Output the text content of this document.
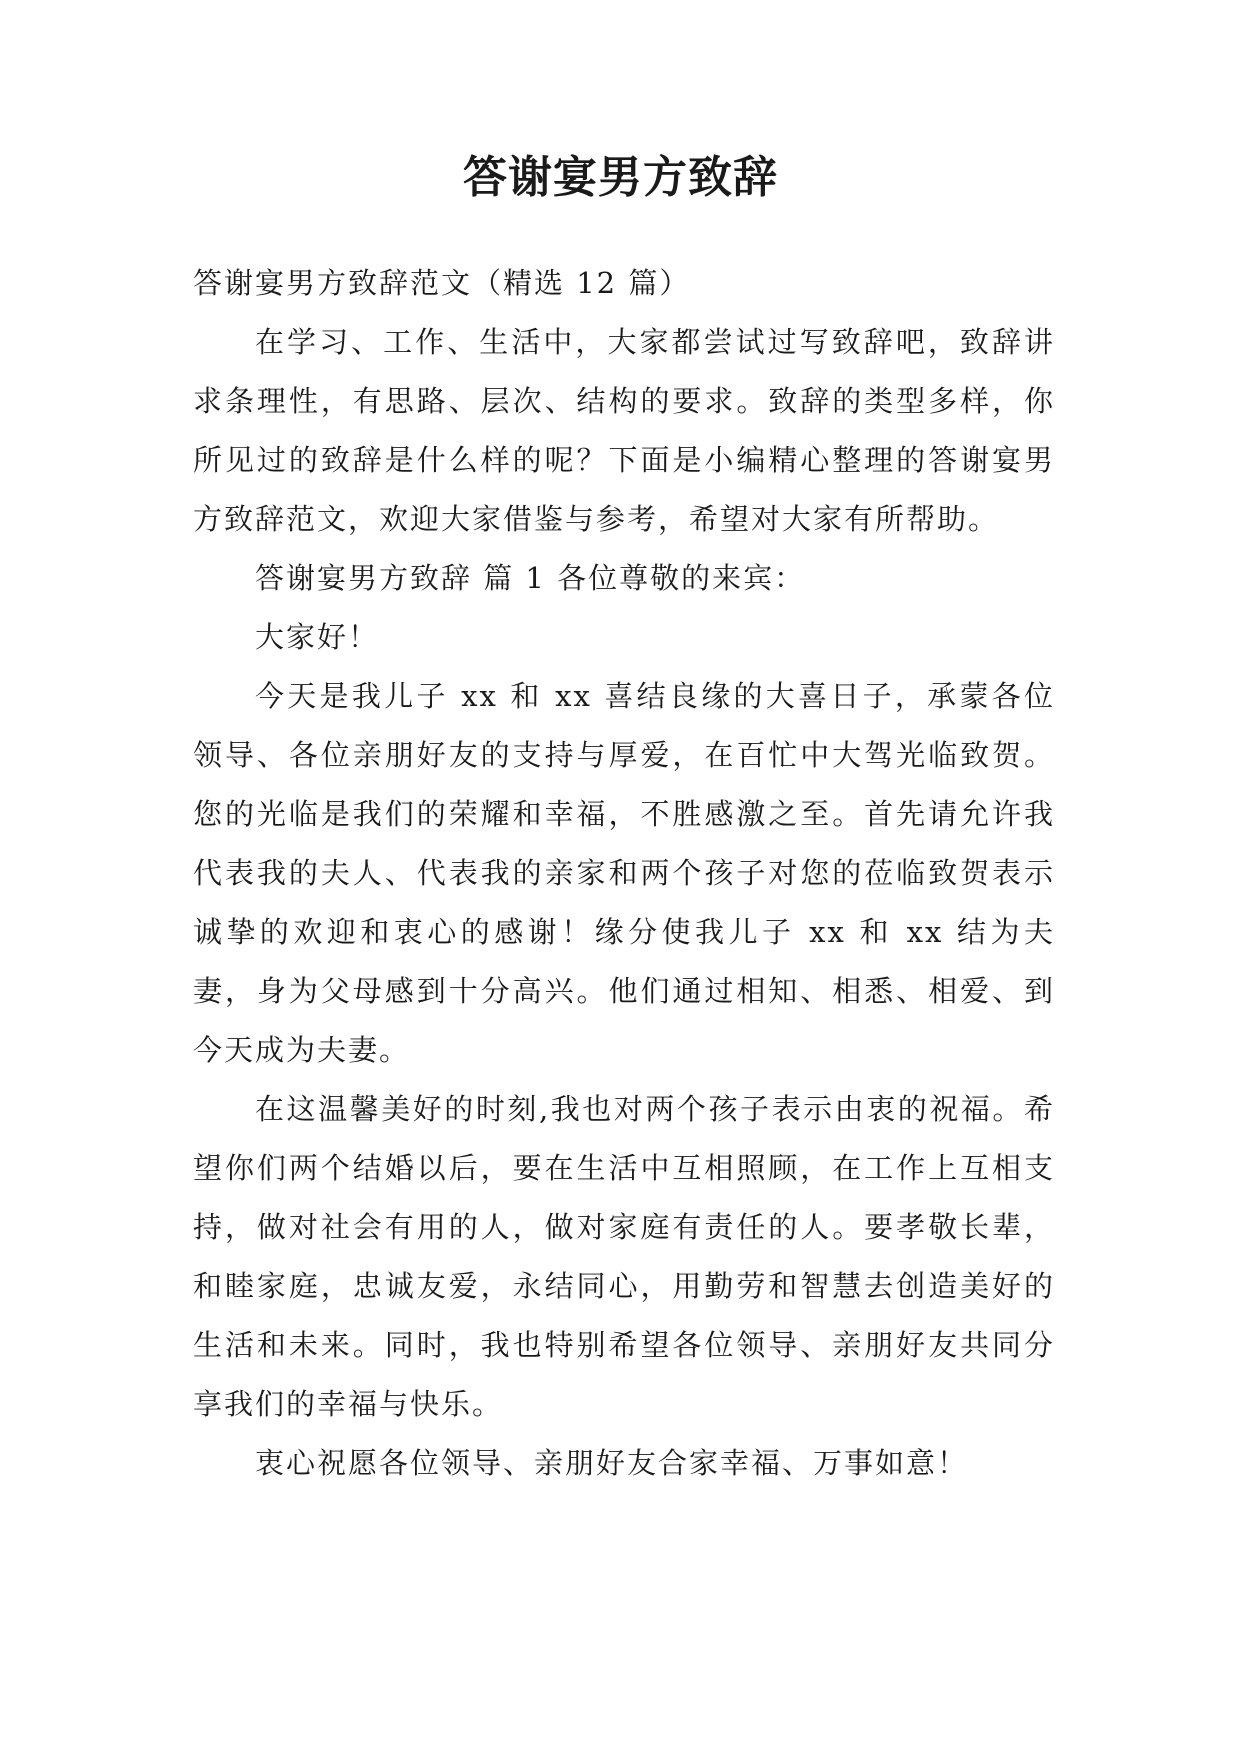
答谢宴男方致辞

答谢宴男方致辞范文（精选 12 篇）

在学习、工作、生活中，大家都尝试过写致辞吧，致辞讲求条理性，有思路、层次、结构的要求。致辞的类型多样，你所见过的致辞是什么样的呢？下面是小编精心整理的答谢宴男方致辞范文，欢迎大家借鉴与参考，希望对大家有所帮助。

答谢宴男方致辞 篇 1 各位尊敬的来宾：

大家好！

今天是我儿子 xx 和 xx 喜结良缘的大喜日子，承蒙各位领导、各位亲朋好友的支持与厚爱，在百忙中大驾光临致贺。您的光临是我们的荣耀和幸福，不胜感激之至。首先请允许我代表我的夫人、代表我的亲家和两个孩子对您的莅临致贺表示诚挚的欢迎和衷心的感谢！缘分使我儿子 xx 和 xx 结为夫妻，身为父母感到十分高兴。他们通过相知、相悉、相爱、到今天成为夫妻。

在这温馨美好的时刻,我也对两个孩子表示由衷的祝福。希望你们两个结婚以后，要在生活中互相照顾，在工作上互相支持，做对社会有用的人，做对家庭有责任的人。要孝敬长辈，和睦家庭，忠诚友爱，永结同心，用勤劳和智慧去创造美好的生活和未来。同时，我也特别希望各位领导、亲朋好友共同分享我们的幸福与快乐。

衷心祝愿各位领导、亲朋好友合家幸福、万事如意！
